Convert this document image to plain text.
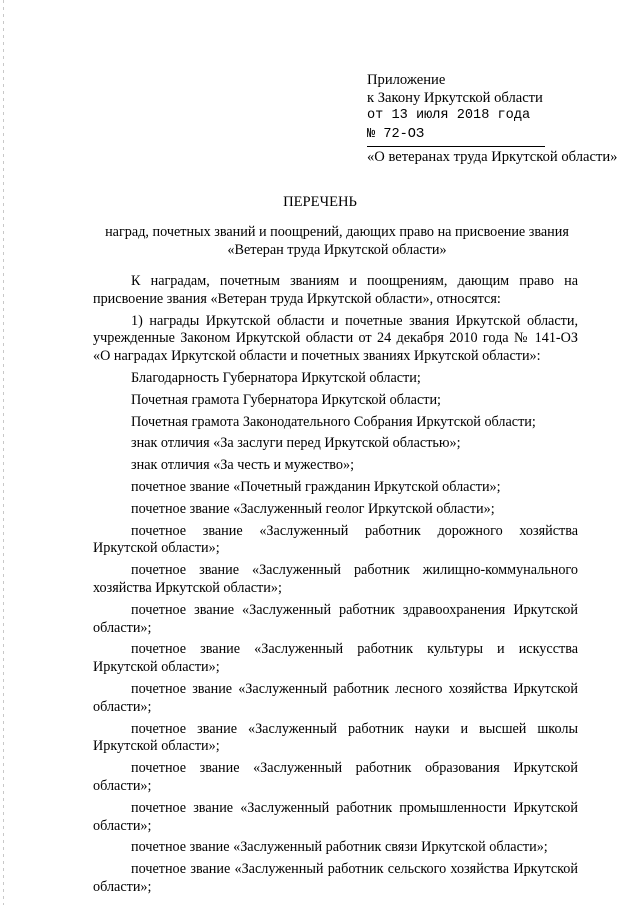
Приложение
к Закону Иркутской области
от 13 июля 2018 года
№ 72-ОЗ
«О ветеранах труда Иркутской области»
ПЕРЕЧЕНЬ
наград, почетных званий и поощрений, дающих право на присвоение звания «Ветеран труда Иркутской области»

К наградам, почетным званиям и поощрениям, дающим право на присвоение звания «Ветеран труда Иркутской области», относятся:

1) награды Иркутской области и почетные звания Иркутской области, учрежденные Законом Иркутской области от 24 декабря 2010 года № 141-ОЗ «О наградах Иркутской области и почетных званиях Иркутской области»:

Благодарность Губернатора Иркутской области;

Почетная грамота Губернатора Иркутской области;

Почетная грамота Законодательного Собрания Иркутской области;

знак отличия «За заслуги перед Иркутской областью»;

знак отличия «За честь и мужество»;

почетное звание «Почетный гражданин Иркутской области»;

почетное звание «Заслуженный геолог Иркутской области»;

почетное звание «Заслуженный работник дорожного хозяйства Иркутской области»;

почетное звание «Заслуженный работник жилищно-коммунального хозяйства Иркутской области»;

почетное звание «Заслуженный работник здравоохранения Иркутской области»;

почетное звание «Заслуженный работник культуры и искусства Иркутской области»;

почетное звание «Заслуженный работник лесного хозяйства Иркутской области»;

почетное звание «Заслуженный работник науки и высшей школы Иркутской области»;

почетное звание «Заслуженный работник образования Иркутской области»;

почетное звание «Заслуженный работник промышленности Иркутской области»;

почетное звание «Заслуженный работник связи Иркутской области»;

почетное звание «Заслуженный работник сельского хозяйства Иркутской области»;
